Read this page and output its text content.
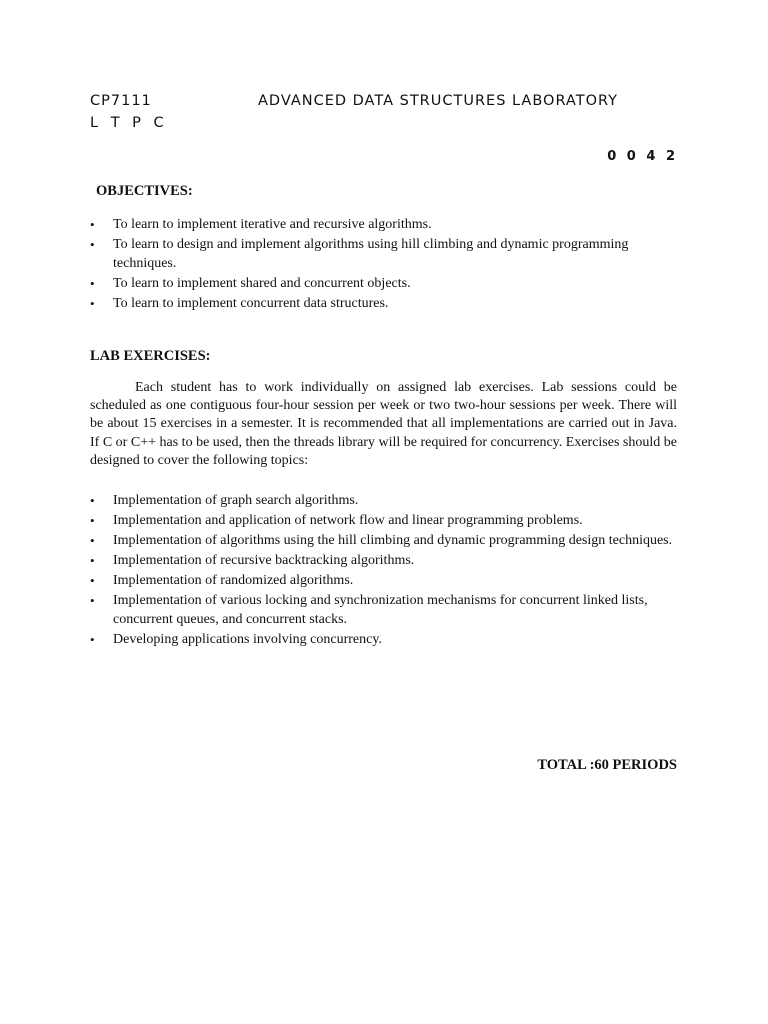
CP7111	ADVANCED DATA STRUCTURES LABORATORY
L T P C
0 0 4 2
OBJECTIVES:
• To learn to implement iterative and recursive algorithms.
• To learn to design and implement algorithms using hill climbing and dynamic programming techniques.
• To learn to implement shared and concurrent objects.
• To learn to implement concurrent data structures.
LAB EXERCISES:

Each student has to work individually on assigned lab exercises. Lab sessions could be scheduled as one contiguous four-hour session per week or two two-hour sessions per week. There will be about 15 exercises in a semester. It is recommended that all implementations are carried out in Java. If C or C++ has to be used, then the threads library will be required for concurrency. Exercises should be designed to cover the following topics:

• Implementation of graph search algorithms.
• Implementation and application of network flow and linear programming problems.
• Implementation of algorithms using the hill climbing and dynamic programming design techniques.
• Implementation of recursive backtracking algorithms.
• Implementation of randomized algorithms.
• Implementation of various locking and synchronization mechanisms for concurrent linked lists, concurrent queues, and concurrent stacks.
• Developing applications involving concurrency.
TOTAL :60 PERIODS
